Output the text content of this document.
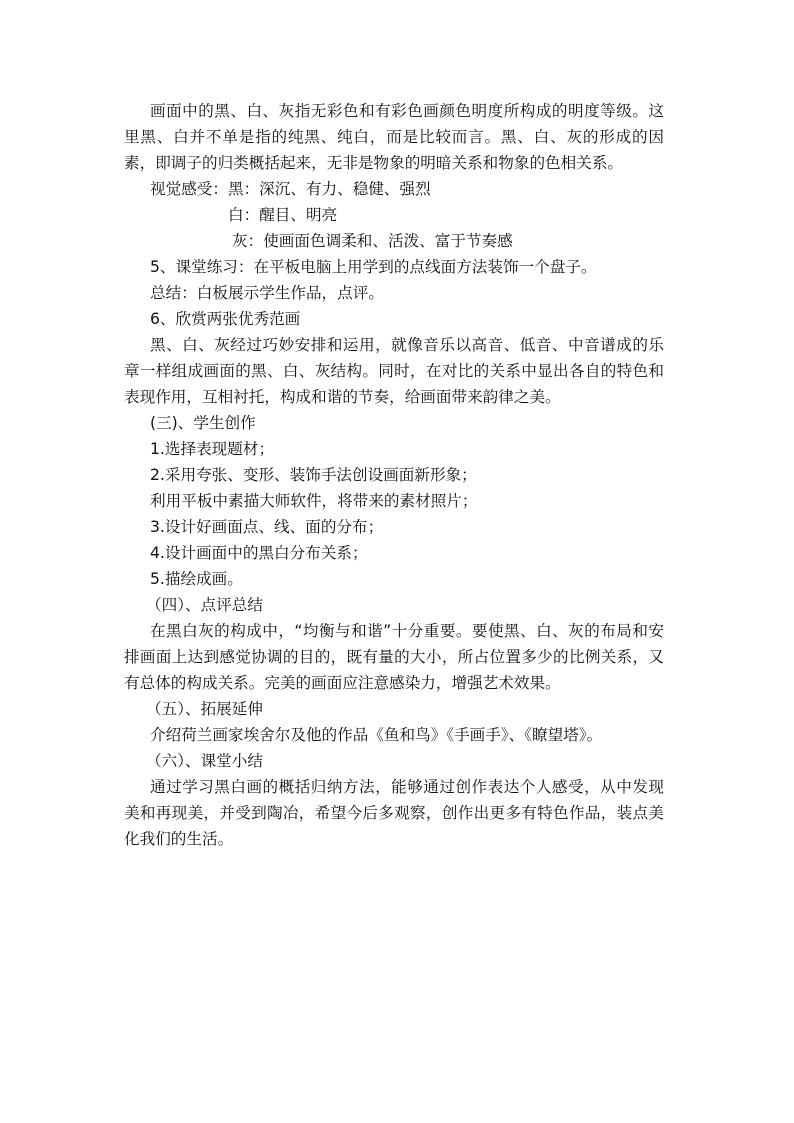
画面中的黑、白、灰指无彩色和有彩色画颜色明度所构成的明度等级。这里黑、白并不单是指的纯黑、纯白，而是比较而言。黑、白、灰的形成的因素，即调子的归类概括起来，无非是物象的明暗关系和物象的色相关系。

视觉感受：黑：深沉、有力、稳健、强烈

白：醒目、明亮

灰：使画面色调柔和、活泼、富于节奏感

5、课堂练习：在平板电脑上用学到的点线面方法装饰一个盘子。

总结：白板展示学生作品，点评。

6、欣赏两张优秀范画

黑、白、灰经过巧妙安排和运用，就像音乐以高音、低音、中音谱成的乐章一样组成画面的黑、白、灰结构。同时，在对比的关系中显出各自的特色和表现作用，互相衬托，构成和谐的节奏，给画面带来韵律之美。

(三)、学生创作

1.选择表现题材；

2.采用夸张、变形、装饰手法创设画面新形象；

利用平板中素描大师软件，将带来的素材照片；

3.设计好画面点、线、面的分布；

4.设计画面中的黑白分布关系；

5.描绘成画。

（四）、点评总结

在黑白灰的构成中，“均衡与和谐”十分重要。要使黑、白、灰的布局和安排画面上达到感觉协调的目的，既有量的大小，所占位置多少的比例关系，又有总体的构成关系。完美的画面应注意感染力，增强艺术效果。

（五）、拓展延伸

介绍荷兰画家埃舍尔及他的作品《鱼和鸟》《手画手》、《瞭望塔》。

（六）、课堂小结

通过学习黑白画的概括归纳方法，能够通过创作表达个人感受，从中发现美和再现美，并受到陶冶，希望今后多观察，创作出更多有特色作品，装点美化我们的生活。
